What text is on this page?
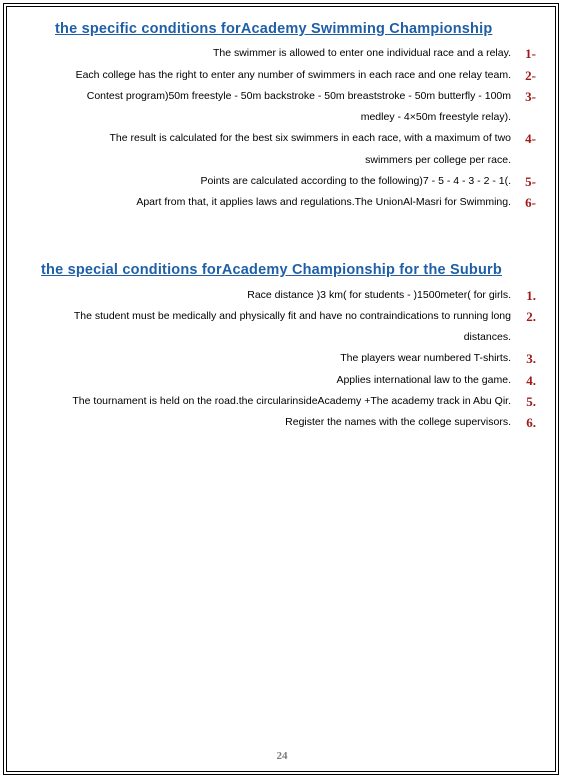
the specific conditions forAcademy Swimming Championship
1-
The swimmer is allowed to enter one individual race and a relay.
2-
Each college has the right to enter any number of swimmers in each race and one relay team.
3-
Contest program)50m freestyle - 50m backstroke - 50m breaststroke - 50m butterfly - 100m
medley - 4×50m freestyle relay).
4-
The result is calculated for the best six swimmers in each race, with a maximum of two
swimmers per college per race.
5-
Points are calculated according to the following)7 - 5 - 4 - 3 - 2 - 1(.
6-
Apart from that, it applies laws and regulations.The UnionAl-Masri for Swimming.
the special conditions forAcademy Championship for the Suburb
1.
Race distance )3 km( for students - )1500meter( for girls.
2.
The student must be medically and physically fit and have no contraindications to running long
distances.
3.
The players wear numbered T-shirts.
4.
Applies international law to the game.
5.
The tournament is held on the road.the circularinsideAcademy +The academy track in Abu Qir.
6.
Register the names with the college supervisors.
24
